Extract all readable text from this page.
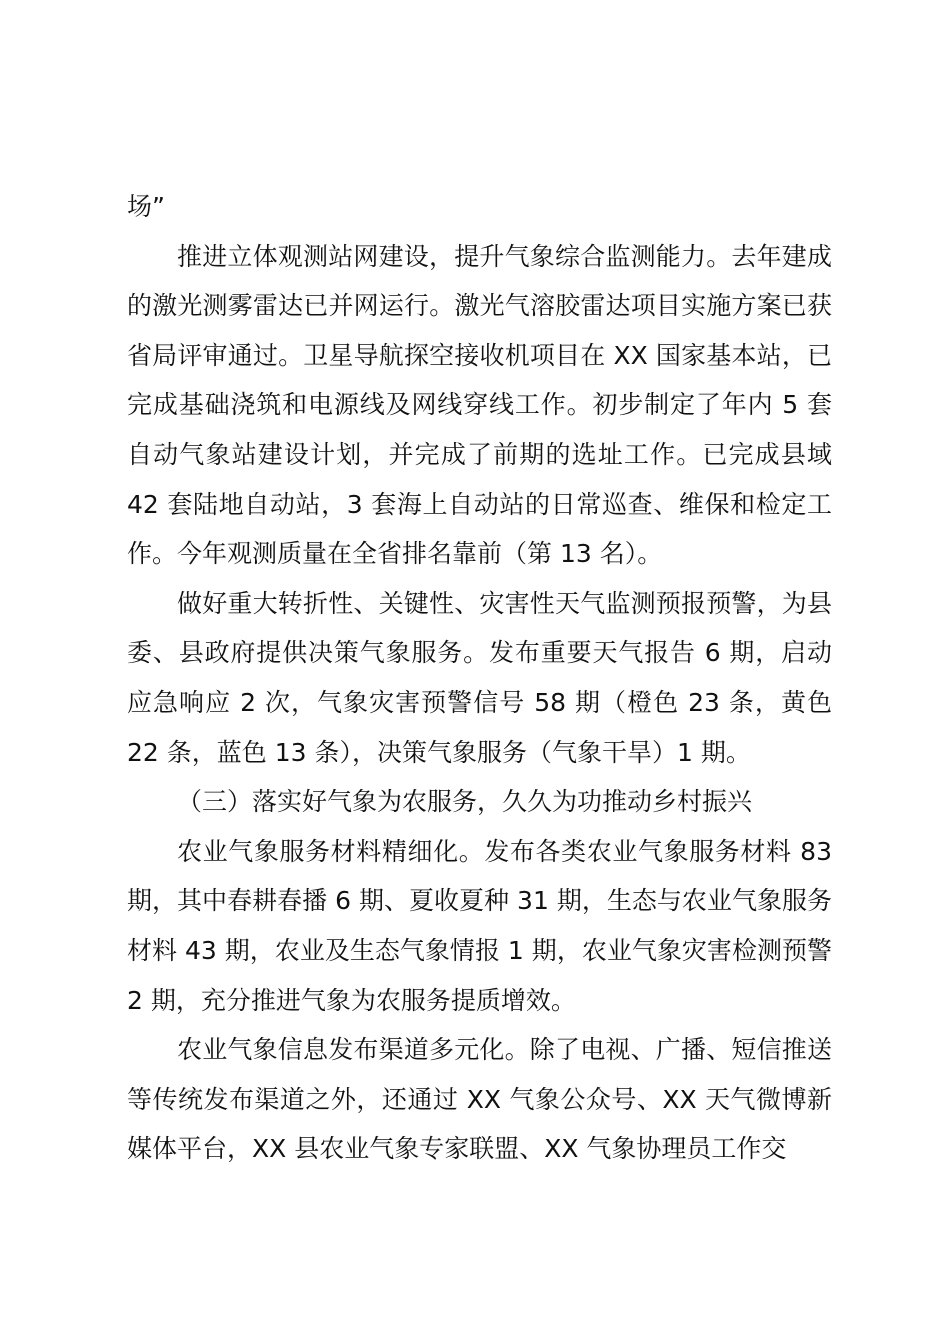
场”

推进立体观测站网建设，提升气象综合监测能力。去年建成的激光测雾雷达已并网运行。激光气溶胶雷达项目实施方案已获省局评审通过。卫星导航探空接收机项目在 XX 国家基本站，已完成基础浇筑和电源线及网线穿线工作。初步制定了年内 5 套自动气象站建设计划，并完成了前期的选址工作。已完成县域 42 套陆地自动站，3 套海上自动站的日常巡查、维保和检定工作。今年观测质量在全省排名靠前（第 13 名）。

做好重大转折性、关键性、灾害性天气监测预报预警，为县委、县政府提供决策气象服务。发布重要天气报告 6 期，启动应急响应 2 次，气象灾害预警信号 58 期（橙色 23 条，黄色 22 条，蓝色 13 条），决策气象服务（气象干旱）1 期。

（三）落实好气象为农服务，久久为功推动乡村振兴

农业气象服务材料精细化。发布各类农业气象服务材料 83 期，其中春耕春播 6 期、夏收夏种 31 期，生态与农业气象服务材料 43 期，农业及生态气象情报 1 期，农业气象灾害检测预警 2 期，充分推进气象为农服务提质增效。

农业气象信息发布渠道多元化。除了电视、广播、短信推送等传统发布渠道之外，还通过 XX 气象公众号、XX 天气微博新媒体平台，XX 县农业气象专家联盟、XX 气象协理员工作交
